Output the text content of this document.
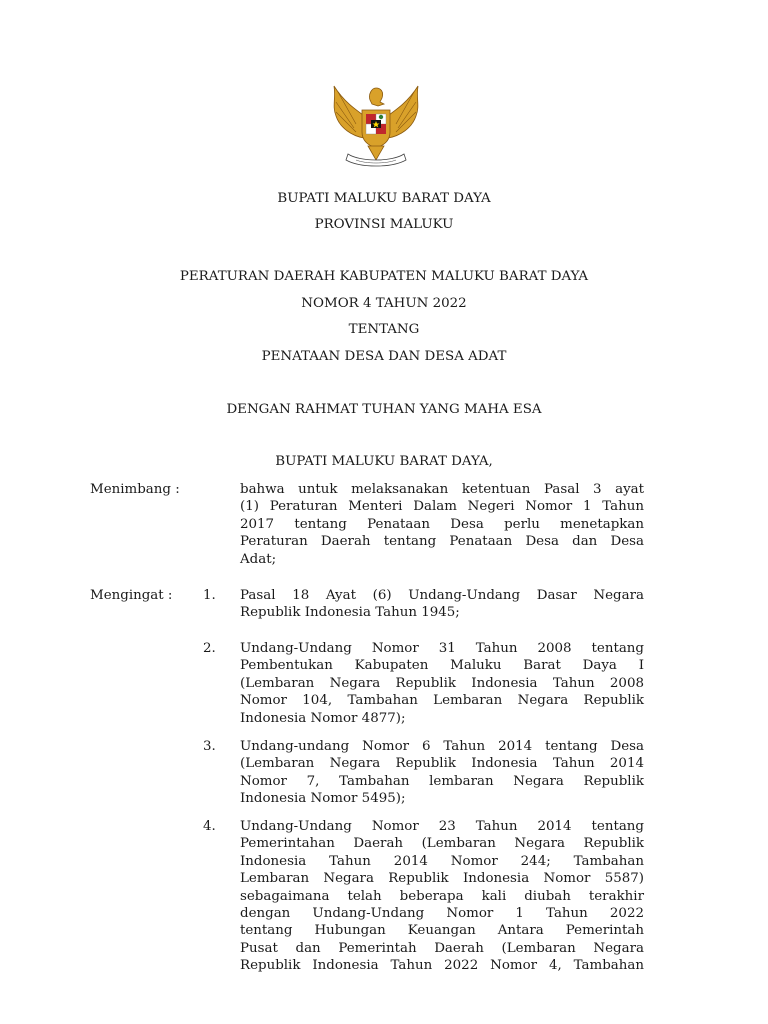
BUPATI MALUKU BARAT DAYA
PROVINSI MALUKU
PERATURAN DAERAH KABUPATEN MALUKU BARAT DAYA
NOMOR 4 TAHUN 2022
TENTANG
PENATAAN DESA DAN DESA ADAT
DENGAN RAHMAT TUHAN YANG MAHA ESA
BUPATI MALUKU BARAT DAYA,
Menimbang :	bahwa untuk melaksanakan ketentuan Pasal 3 ayat
(1) Peraturan Menteri Dalam Negeri Nomor 1 Tahun
2017 tentang Penataan Desa perlu menetapkan
Peraturan Daerah tentang Penataan Desa dan Desa
Adat;
Mengingat : 1. Pasal 18 Ayat (6) Undang-Undang Dasar Negara
Republik Indonesia Tahun 1945;
2. Undang-Undang Nomor 31 Tahun 2008 tentang
Pembentukan Kabupaten Maluku Barat Daya I
(Lembaran Negara Republik Indonesia Tahun 2008
Nomor 104, Tambahan Lembaran Negara Republik
Indonesia Nomor 4877);
3. Undang-undang Nomor 6 Tahun 2014 tentang Desa
(Lembaran Negara Republik Indonesia Tahun 2014
Nomor 7, Tambahan lembaran Negara Republik
Indonesia Nomor 5495);
4. Undang-Undang Nomor 23 Tahun 2014 tentang
Pemerintahan Daerah (Lembaran Negara Republik
Indonesia Tahun 2014 Nomor 244; Tambahan
Lembaran Negara Republik Indonesia Nomor 5587)
sebagaimana telah beberapa kali diubah terakhir
dengan Undang-Undang Nomor 1 Tahun 2022
tentang Hubungan Keuangan Antara Pemerintah
Pusat dan Pemerintah Daerah (Lembaran Negara
Republik Indonesia Tahun 2022 Nomor 4, Tambahan
